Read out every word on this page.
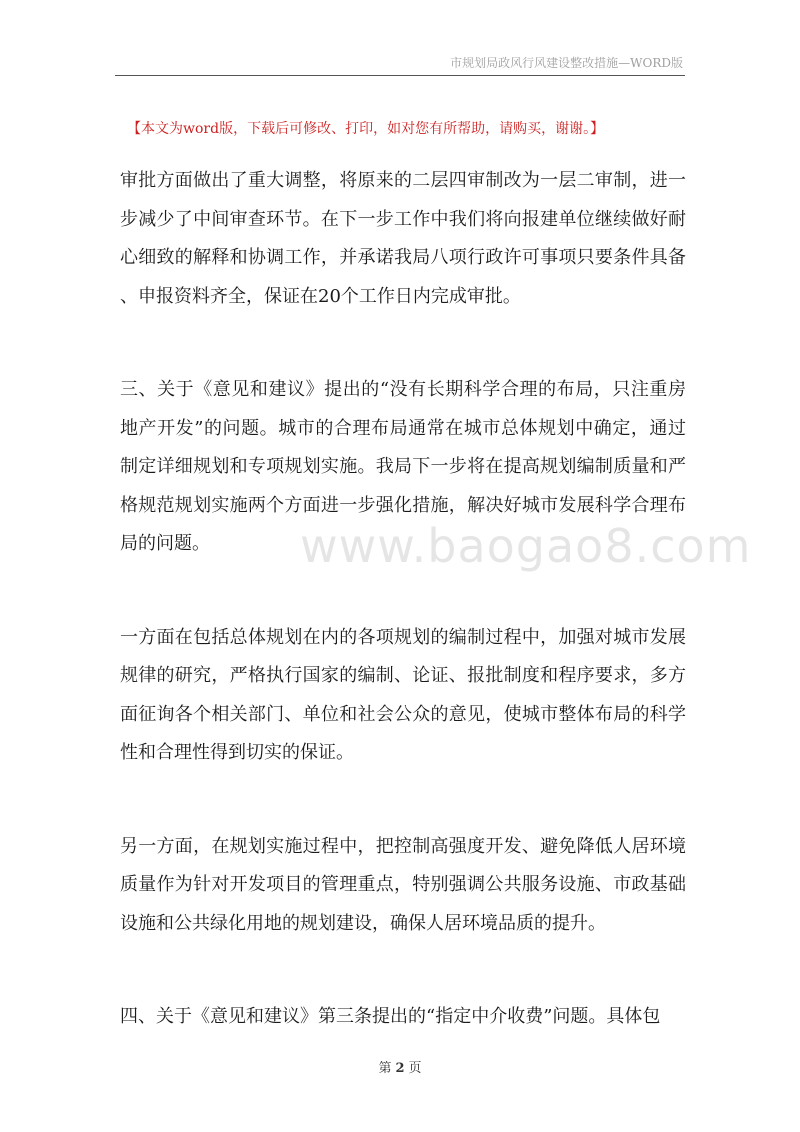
市规划局政风行风建设整改措施—WORD版
【本文为word版，下载后可修改、打印，如对您有所帮助，请购买，谢谢。】

审批方面做出了重大调整，将原来的二层四审制改为一层二审制，进一步减少了中间审查环节。在下一步工作中我们将向报建单位继续做好耐心细致的解释和协调工作，并承诺我局八项行政许可事项只要条件具备、申报资料齐全，保证在20个工作日内完成审批。

三、关于《意见和建议》提出的“没有长期科学合理的布局，只注重房地产开发”的问题。城市的合理布局通常在城市总体规划中确定，通过制定详细规划和专项规划实施。我局下一步将在提高规划编制质量和严格规范规划实施两个方面进一步强化措施，解决好城市发展科学合理布局的问题。

一方面在包括总体规划在内的各项规划的编制过程中，加强对城市发展规律的研究，严格执行国家的编制、论证、报批制度和程序要求，多方面征询各个相关部门、单位和社会公众的意见，使城市整体布局的科学性和合理性得到切实的保证。

另一方面，在规划实施过程中，把控制高强度开发、避免降低人居环境质量作为针对开发项目的管理重点，特别强调公共服务设施、市政基础设施和公共绿化用地的规划建设，确保人居环境品质的提升。

四、关于《意见和建议》第三条提出的“指定中介收费”问题。具体包

www.baogao8.com
第 2 页
